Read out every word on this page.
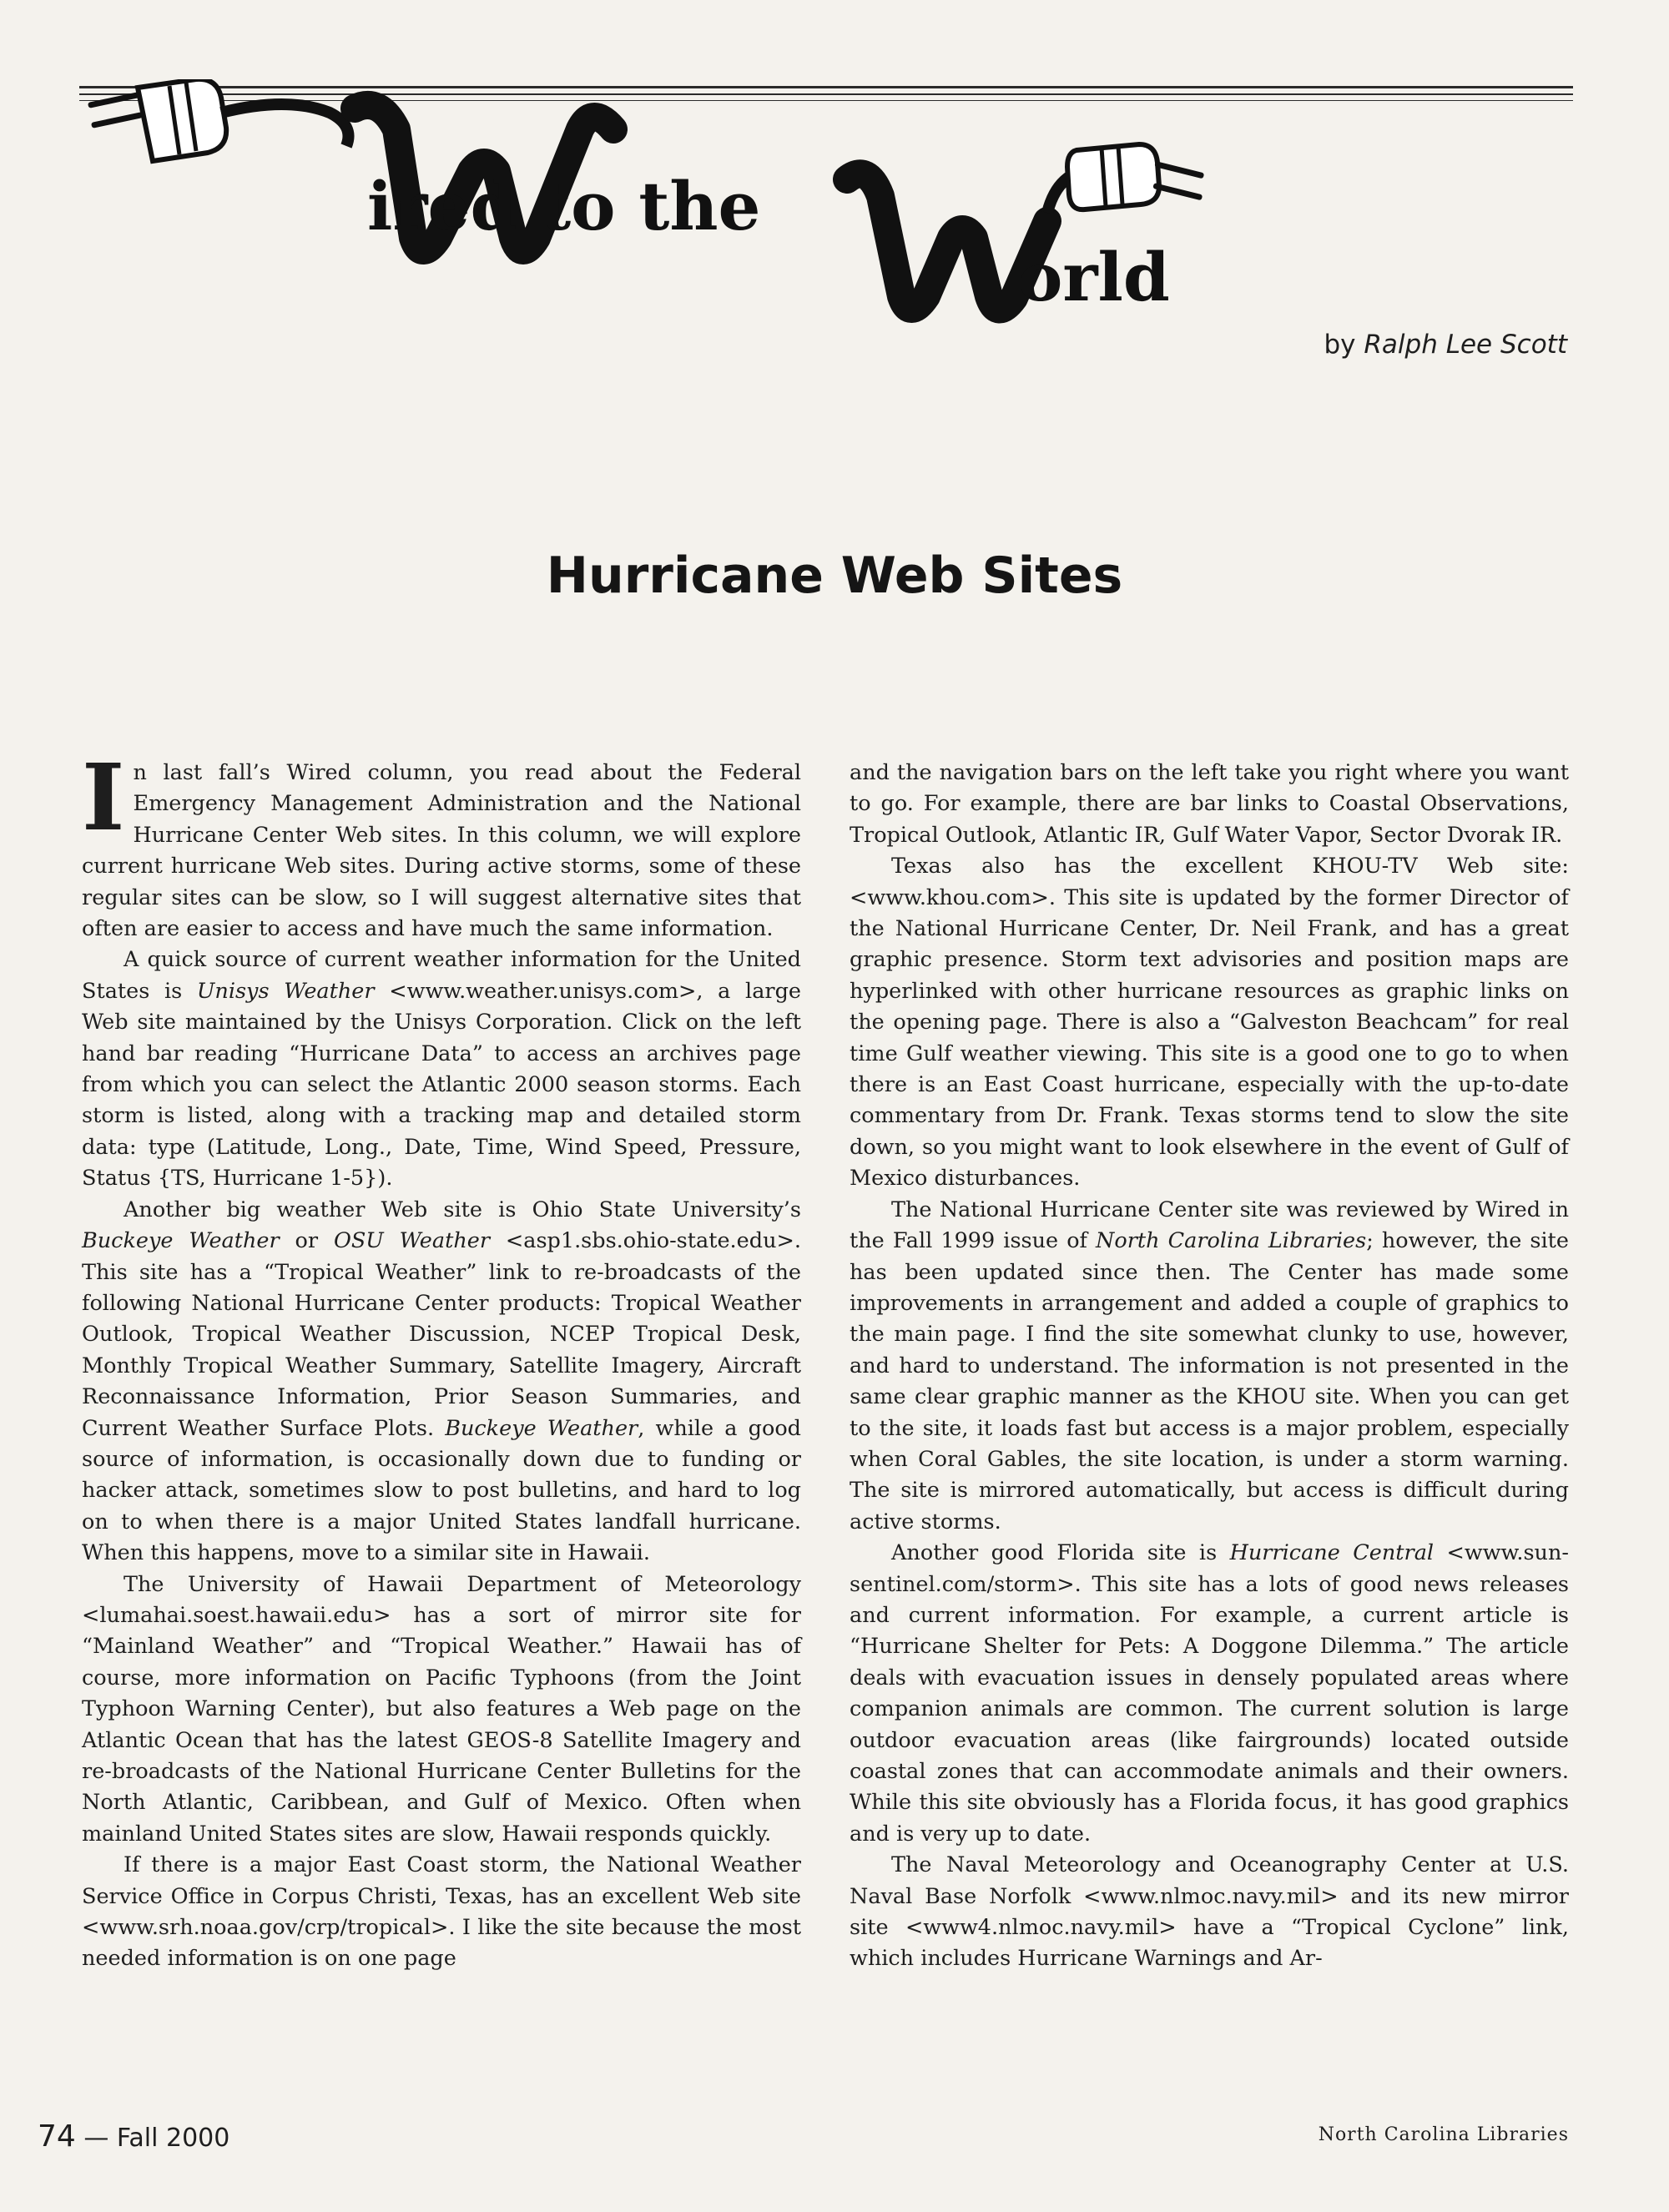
ired to the
orld
by Ralph Lee Scott
Hurricane Web Sites

In last fall’s Wired column, you read about the Federal Emergency Management Administration and the National Hurricane Center Web sites. In this column, we will explore current hurricane Web sites. During active storms, some of these regular sites can be slow, so I will suggest alternative sites that often are easier to access and have much the same information.

A quick source of current weather information for the United States is Unisys Weather <www.weather.unisys.com>, a large Web site maintained by the Unisys Corporation. Click on the left hand bar reading “Hurricane Data” to access an archives page from which you can select the Atlantic 2000 season storms. Each storm is listed, along with a tracking map and detailed storm data: type (Latitude, Long., Date, Time, Wind Speed, Pressure, Status {TS, Hurricane 1-5}).

Another big weather Web site is Ohio State University’s Buckeye Weather or OSU Weather <asp1.sbs.ohio-state.edu>. This site has a “Tropical Weather” link to re-broadcasts of the following National Hurricane Center products: Tropical Weather Outlook, Tropical Weather Discussion, NCEP Tropical Desk, Monthly Tropical Weather Summary, Satellite Imagery, Aircraft Reconnaissance Information, Prior Season Summaries, and Current Weather Surface Plots. Buckeye Weather, while a good source of information, is occasionally down due to funding or hacker attack, sometimes slow to post bulletins, and hard to log on to when there is a major United States landfall hurricane. When this happens, move to a similar site in Hawaii.

The University of Hawaii Department of Meteorology <lumahai.soest.hawaii.edu> has a sort of mirror site for “Mainland Weather” and “Tropical Weather.” Hawaii has of course, more information on Pacific Typhoons (from the Joint Typhoon Warning Center), but also features a Web page on the Atlantic Ocean that has the latest GEOS-8 Satellite Imagery and re-broadcasts of the National Hurricane Center Bulletins for the North Atlantic, Caribbean, and Gulf of Mexico. Often when mainland United States sites are slow, Hawaii responds quickly.

If there is a major East Coast storm, the National Weather Service Office in Corpus Christi, Texas, has an excellent Web site <www.srh.noaa.gov/crp/tropical>. I like the site because the most needed information is on one page

and the navigation bars on the left take you right where you want to go. For example, there are bar links to Coastal Observations, Tropical Outlook, Atlantic IR, Gulf Water Vapor, Sector Dvorak IR.

Texas also has the excellent KHOU-TV Web site: <www.khou.com>. This site is updated by the former Director of the National Hurricane Center, Dr. Neil Frank, and has a great graphic presence. Storm text advisories and position maps are hyperlinked with other hurricane resources as graphic links on the opening page. There is also a “Galveston Beachcam” for real time Gulf weather viewing. This site is a good one to go to when there is an East Coast hurricane, especially with the up-to-date commentary from Dr. Frank. Texas storms tend to slow the site down, so you might want to look elsewhere in the event of Gulf of Mexico disturbances.

The National Hurricane Center site was reviewed by Wired in the Fall 1999 issue of North Carolina Libraries; however, the site has been updated since then. The Center has made some improvements in arrangement and added a couple of graphics to the main page. I find the site somewhat clunky to use, however, and hard to understand. The information is not presented in the same clear graphic manner as the KHOU site. When you can get to the site, it loads fast but access is a major problem, especially when Coral Gables, the site location, is under a storm warning. The site is mirrored automatically, but access is difficult during active storms.

Another good Florida site is Hurricane Central <www.sun-sentinel.com/storm>. This site has a lots of good news releases and current information. For example, a current article is “Hurricane Shelter for Pets: A Doggone Dilemma.” The article deals with evacuation issues in densely populated areas where companion animals are common. The current solution is large outdoor evacuation areas (like fairgrounds) located outside coastal zones that can accommodate animals and their owners. While this site obviously has a Florida focus, it has good graphics and is very up to date.

The Naval Meteorology and Oceanography Center at U.S. Naval Base Norfolk <www.nlmoc.navy.mil> and its new mirror site <www4.nlmoc.navy.mil> have a “Tropical Cyclone” link, which includes Hurricane Warnings and Ar-

74 — Fall 2000	North Carolina Libraries
